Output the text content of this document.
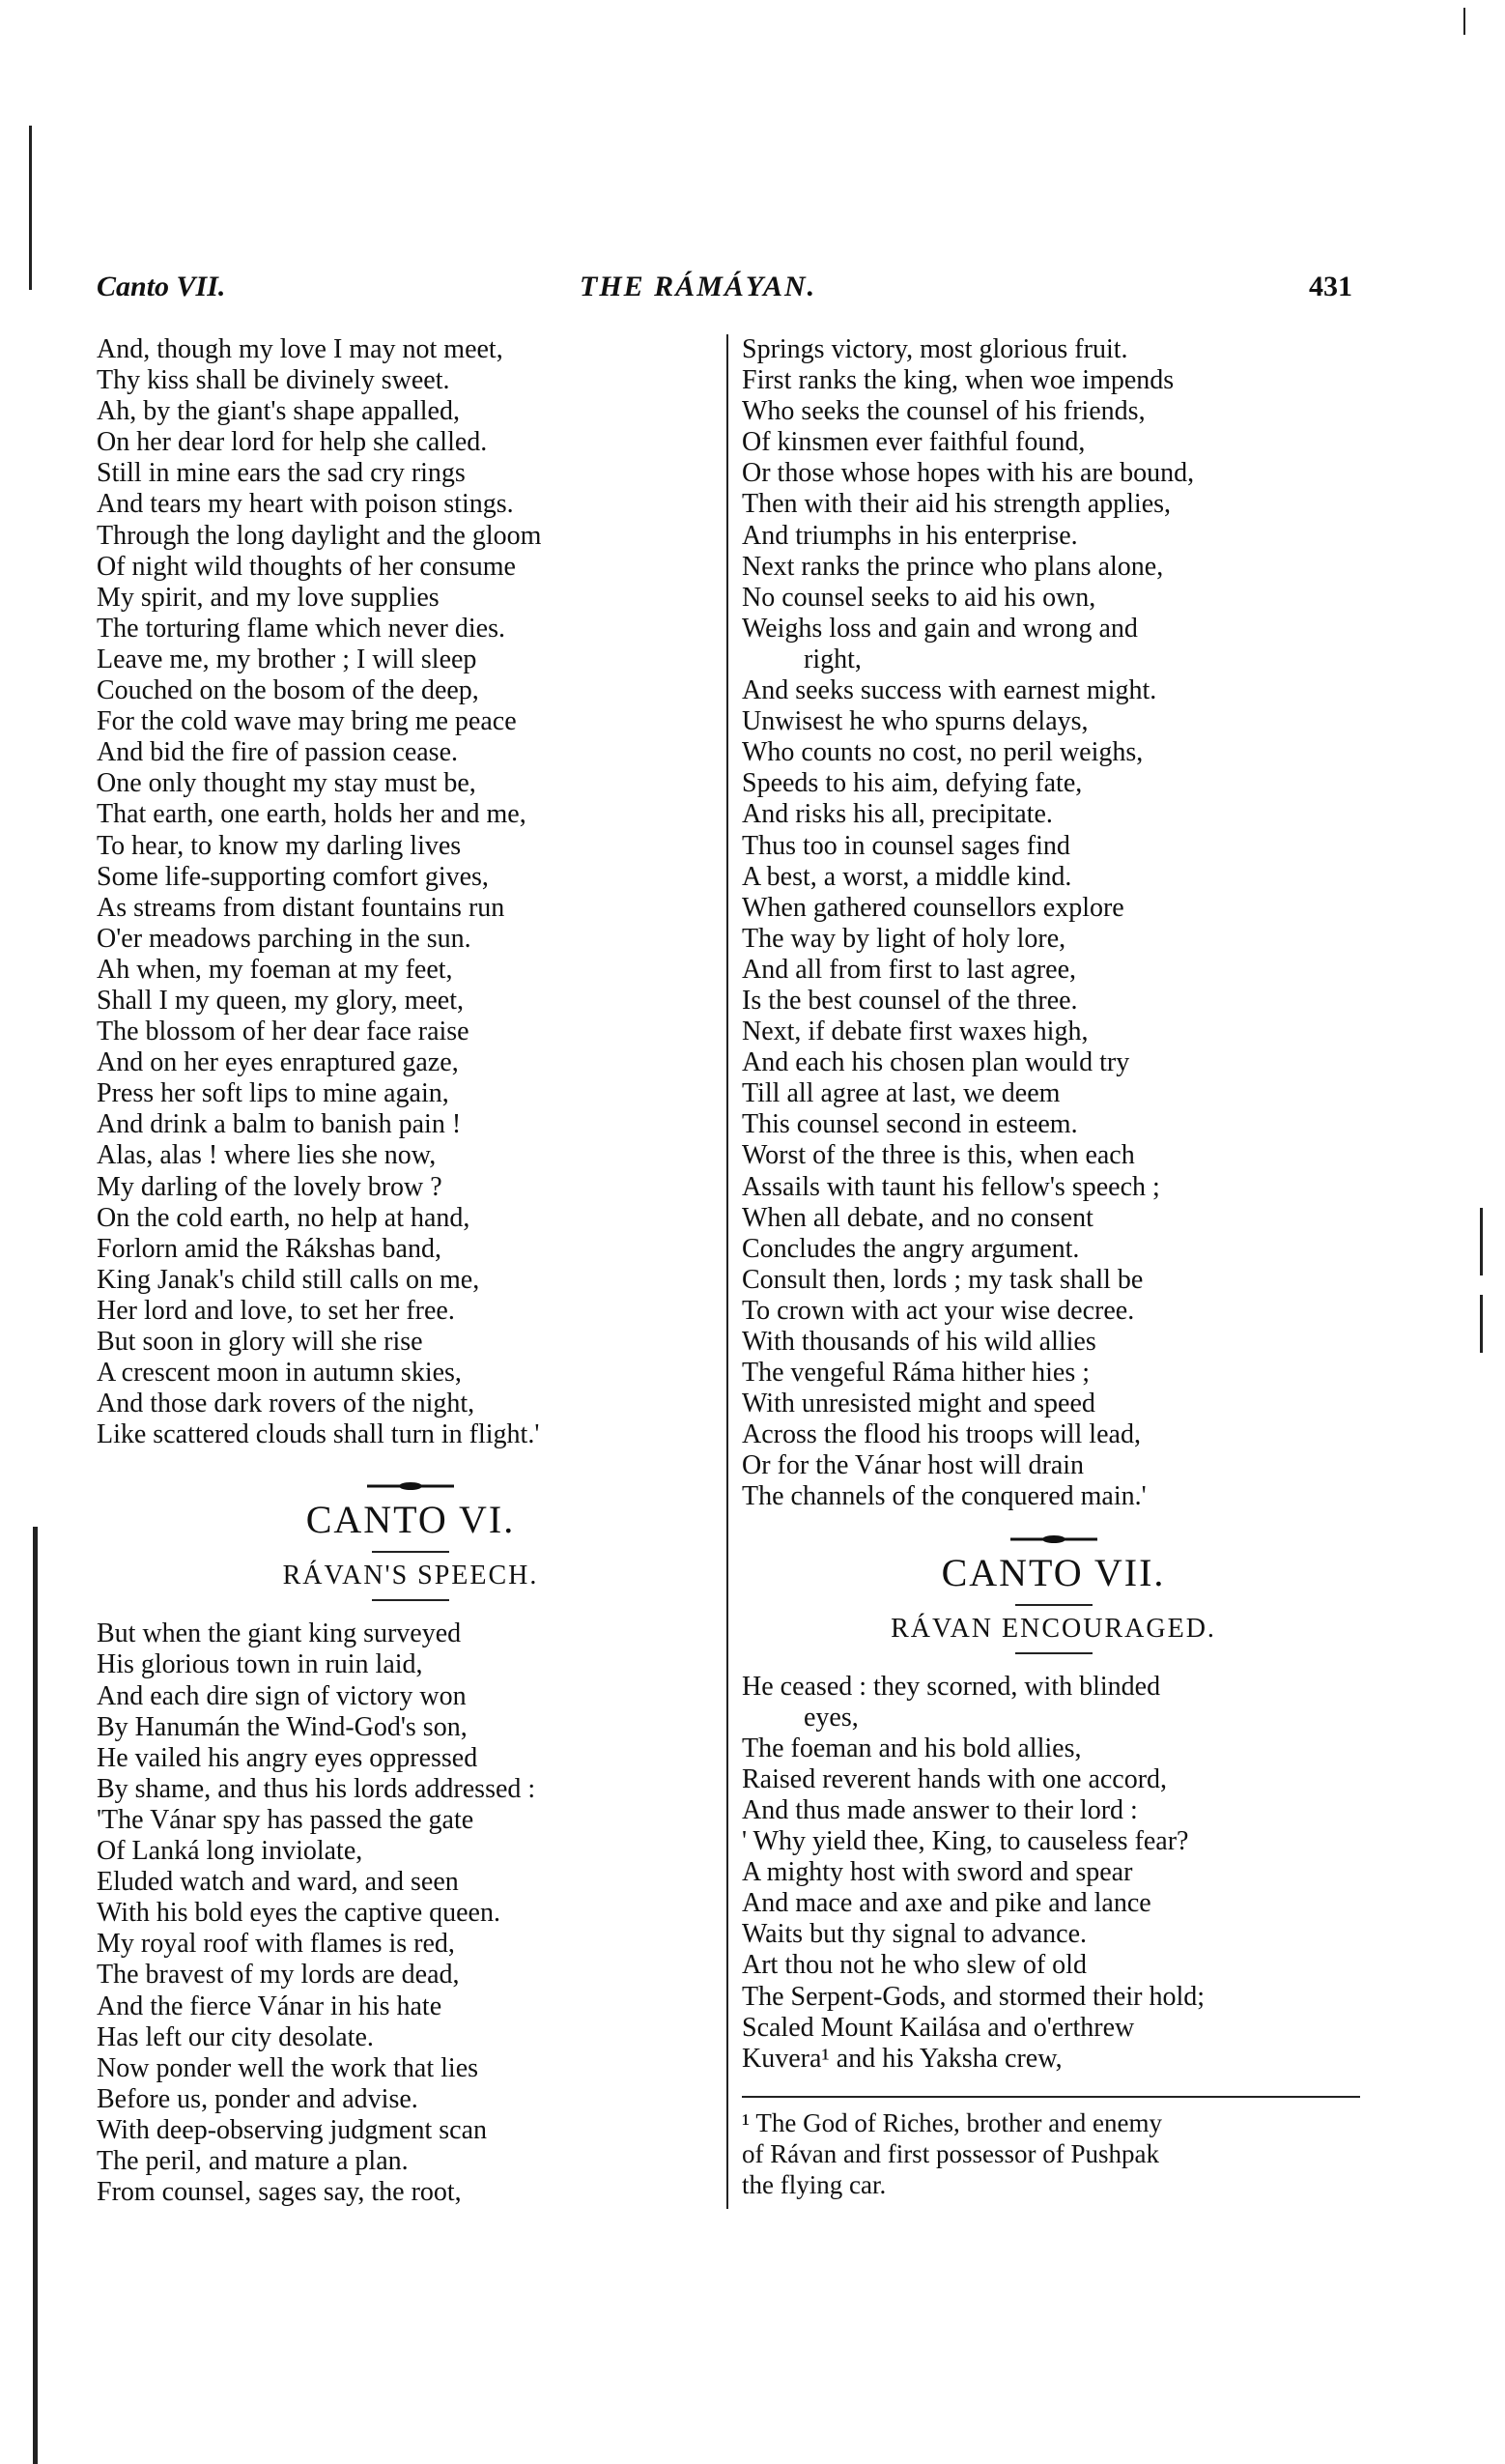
Canto VII.	THE RÁMÁYAN.	431
And, though my love I may not meet,
Thy kiss shall be divinely sweet.
Ah, by the giant's shape appalled,
On her dear lord for help she called.
Still in mine ears the sad cry rings
And tears my heart with poison stings.
Through the long daylight and the gloom
Of night wild thoughts of her consume
My spirit, and my love supplies
The torturing flame which never dies.
Leave me, my brother ; I will sleep
Couched on the bosom of the deep,
For the cold wave may bring me peace
And bid the fire of passion cease.
One only thought my stay must be,
That earth, one earth, holds her and me,
To hear, to know my darling lives
Some life-supporting comfort gives,
As streams from distant fountains run
O'er meadows parching in the sun.
Ah when, my foeman at my feet,
Shall I my queen, my glory, meet,
The blossom of her dear face raise
And on her eyes enraptured gaze,
Press her soft lips to mine again,
And drink a balm to banish pain !
Alas, alas ! where lies she now,
My darling of the lovely brow ?
On the cold earth, no help at hand,
Forlorn amid the Rákshas band,
King Janak's child still calls on me,
Her lord and love, to set her free.
But soon in glory will she rise
A crescent moon in autumn skies,
And those dark rovers of the night,
Like scattered clouds shall turn in flight.'
CANTO VI.
RÁVAN'S SPEECH.
But when the giant king surveyed
His glorious town in ruin laid,
And each dire sign of victory won
By Hanumán the Wind-God's son,
He vailed his angry eyes oppressed
By shame, and thus his lords addressed :
'The Vánar spy has passed the gate
Of Lanká long inviolate,
Eluded watch and ward, and seen
With his bold eyes the captive queen.
My royal roof with flames is red,
The bravest of my lords are dead,
And the fierce Vánar in his hate
Has left our city desolate.
Now ponder well the work that lies
Before us, ponder and advise.
With deep-observing judgment scan
The peril, and mature a plan.
From counsel, sages say, the root,
Springs victory, most glorious fruit.
First ranks the king, when woe impends
Who seeks the counsel of his friends,
Of kinsmen ever faithful found,
Or those whose hopes with his are bound,
Then with their aid his strength applies,
And triumphs in his enterprise.
Next ranks the prince who plans alone,
No counsel seeks to aid his own,
Weighs loss and gain and wrong and
right,
And seeks success with earnest might.
Unwisest he who spurns delays,
Who counts no cost, no peril weighs,
Speeds to his aim, defying fate,
And risks his all, precipitate.
Thus too in counsel sages find
A best, a worst, a middle kind.
When gathered counsellors explore
The way by light of holy lore,
And all from first to last agree,
Is the best counsel of the three.
Next, if debate first waxes high,
And each his chosen plan would try
Till all agree at last, we deem
This counsel second in esteem.
Worst of the three is this, when each
Assails with taunt his fellow's speech ;
When all debate, and no consent
Concludes the angry argument.
Consult then, lords ; my task shall be
To crown with act your wise decree.
With thousands of his wild allies
The vengeful Ráma hither hies ;
With unresisted might and speed
Across the flood his troops will lead,
Or for the Vánar host will drain
The channels of the conquered main.'
CANTO VII.
RÁVAN ENCOURAGED.
He ceased : they scorned, with blinded
eyes,
The foeman and his bold allies,
Raised reverent hands with one accord,
And thus made answer to their lord :
' Why yield thee, King, to causeless fear?
A mighty host with sword and spear
And mace and axe and pike and lance
Waits but thy signal to advance.
Art thou not he who slew of old
The Serpent-Gods, and stormed their hold;
Scaled Mount Kailása and o'erthrew
Kuvera¹ and his Yaksha crew,
¹ The God of Riches, brother and enemy
of Rávan and first possessor of Pushpak
the flying car.
